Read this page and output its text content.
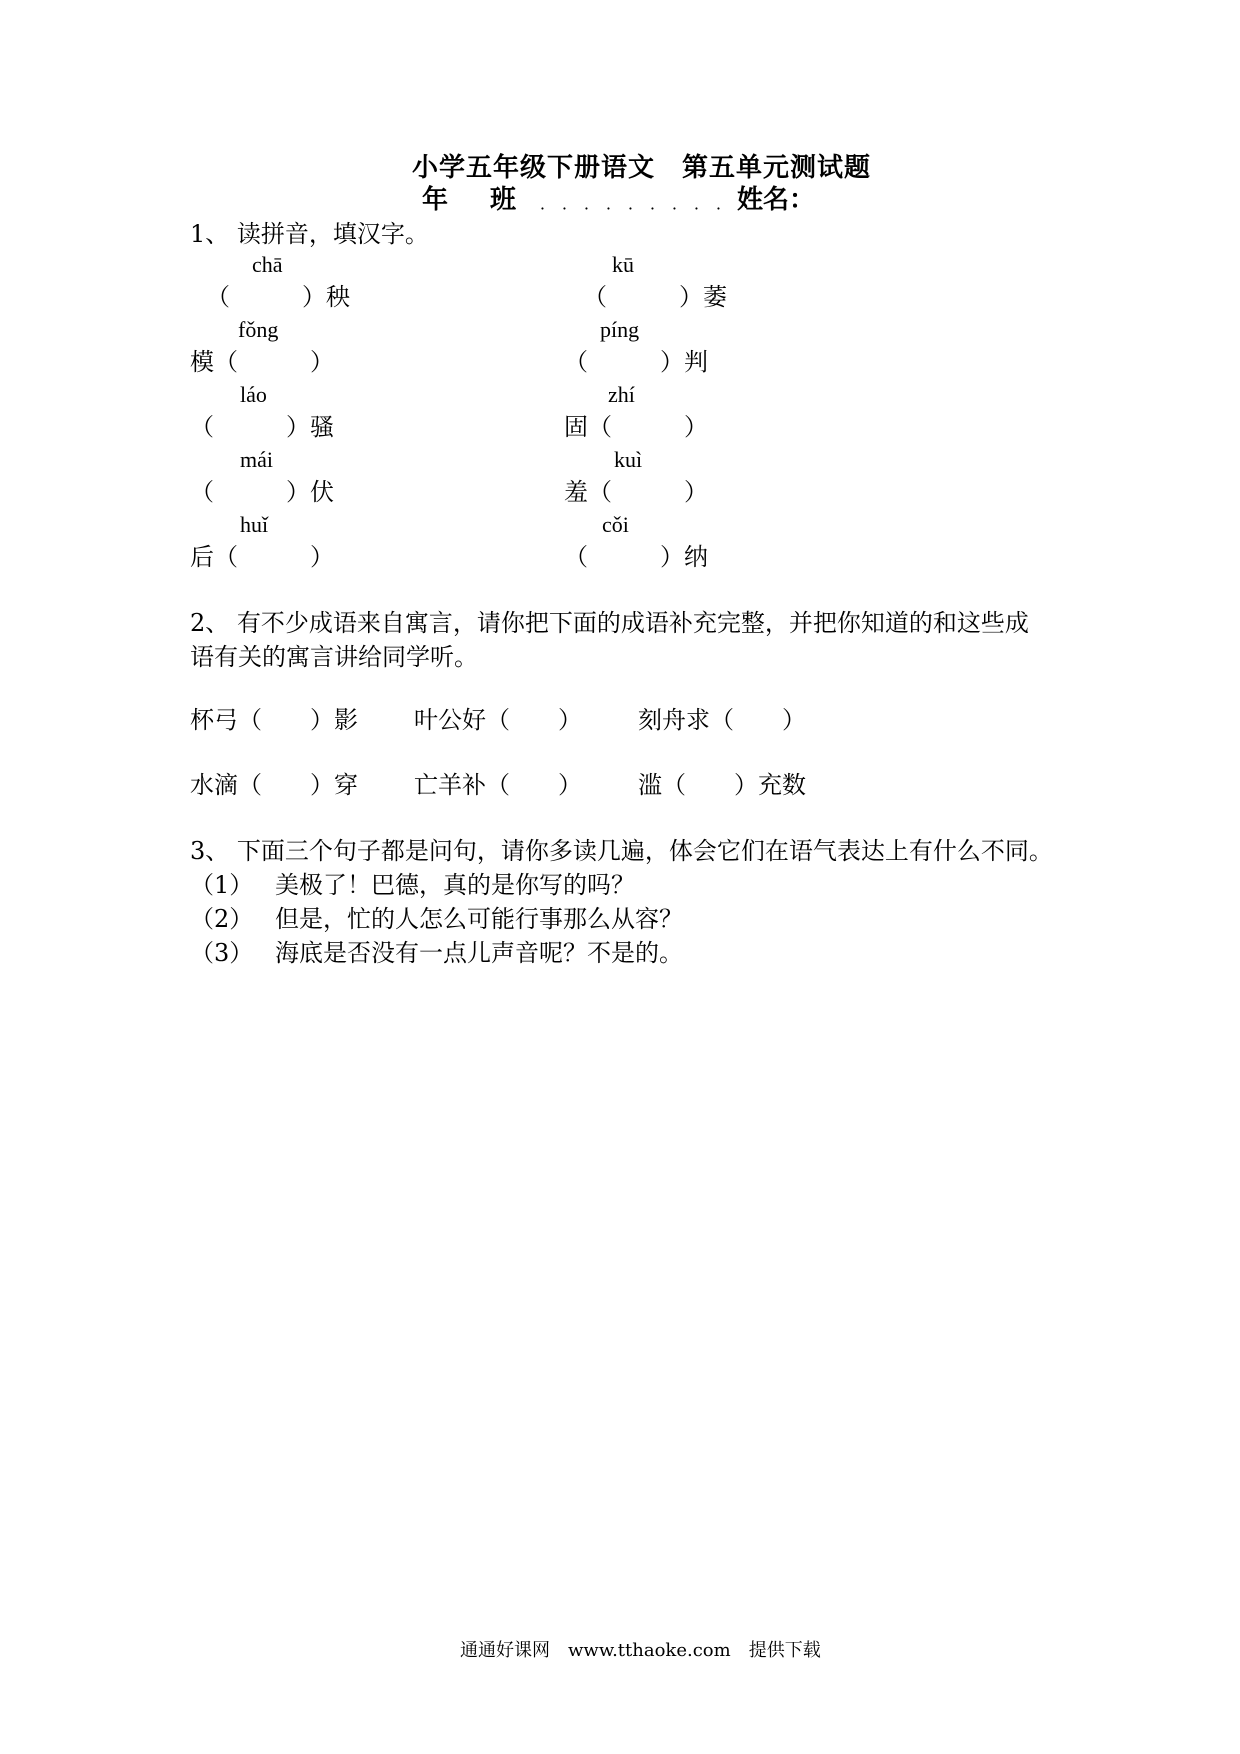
小学五年级下册语文　第五单元测试题
年 班 ．．．．．．．．．
姓名：
1、 读拼音，填汉字。
chā
（　　　）秧
kū
（　　　）萎
fǒng
模（　　　）
píng
（　　　）判
láo
（　　　）骚
zhí
固（　　　）
mái
（　　　）伏
kuì
羞（　　　）
huǐ
后（　　　）
cǒi
（　　　）纳
2、 有不少成语来自寓言，请你把下面的成语补充完整，并把你知道的和这些成
语有关的寓言讲给同学听。
杯弓（　　）影 叶公好（　　） 刻舟求（　　）
水滴（　　）穿 亡羊补（　　） 滥（　　）充数
3、 下面三个句子都是问句，请你多读几遍，体会它们在语气表达上有什么不同。
（1） 美极了！巴德，真的是你写的吗？
（2） 但是，忙的人怎么可能行事那么从容？
（3） 海底是否没有一点儿声音呢？不是的。
通通好课网　www.tthaoke.com　提供下载
